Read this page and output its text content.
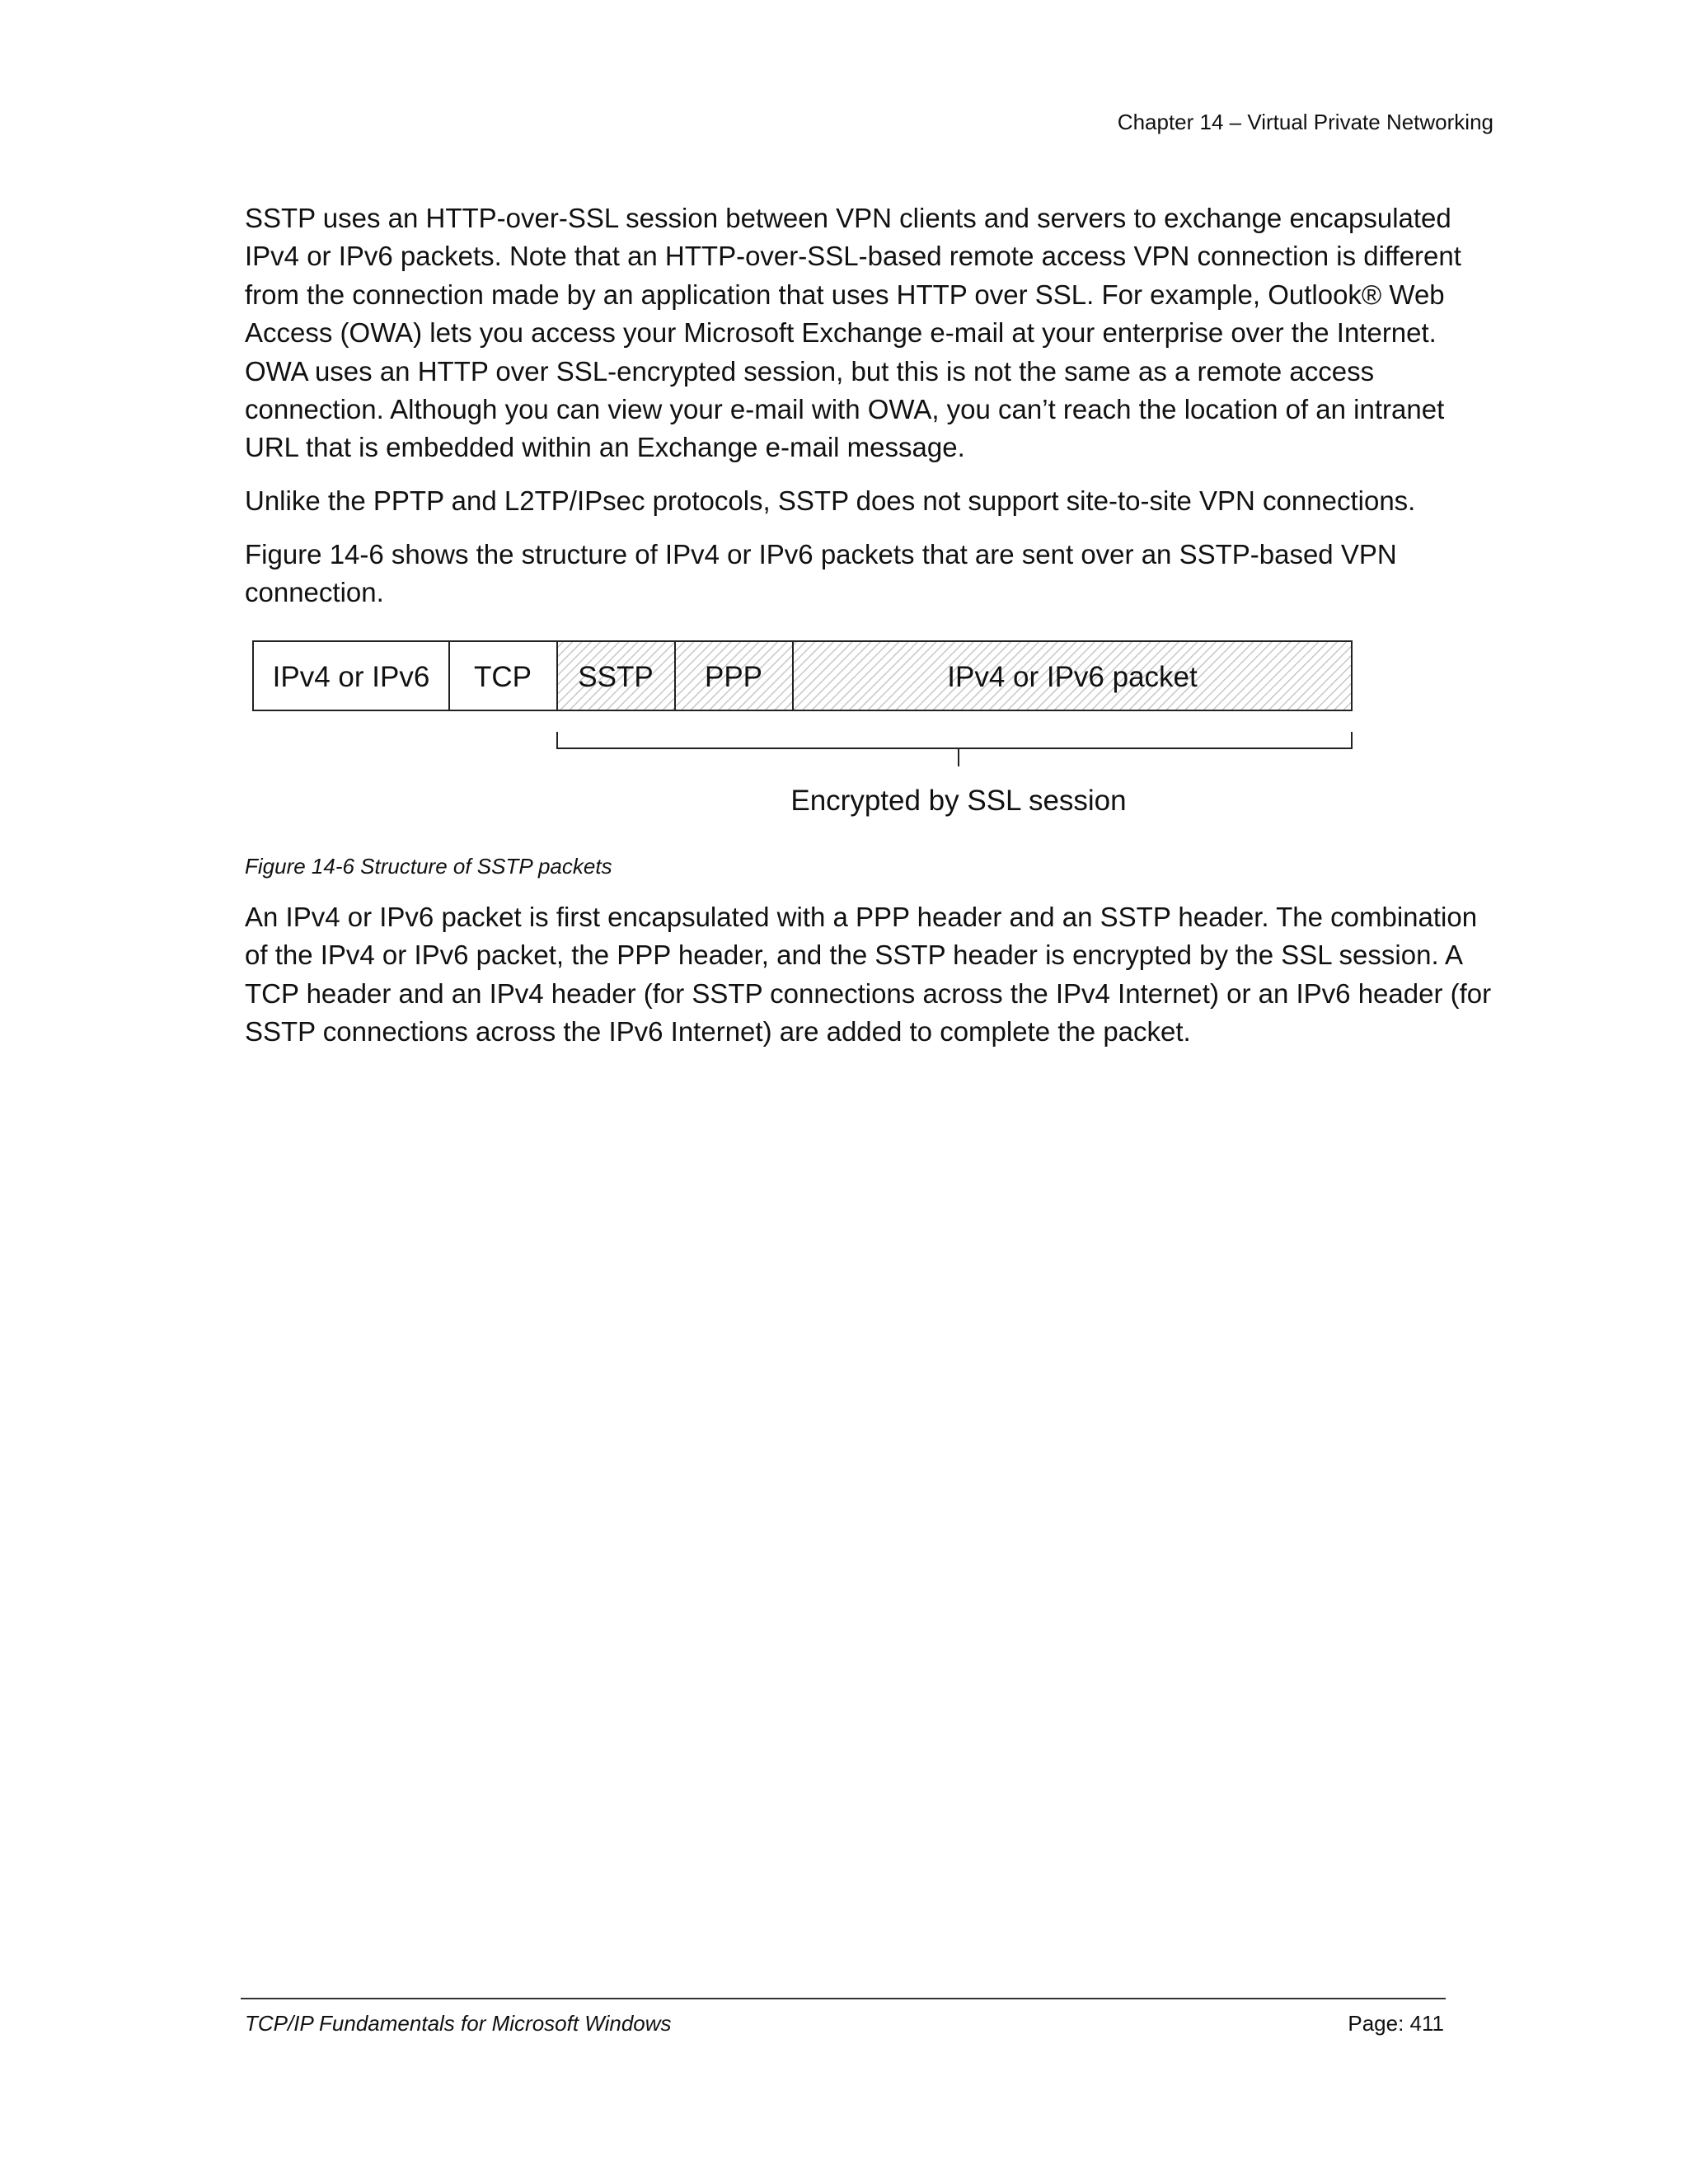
Chapter 14 – Virtual Private Networking

SSTP uses an HTTP-over-SSL session between VPN clients and servers to exchange encapsulated IPv4 or IPv6 packets. Note that an HTTP-over-SSL-based remote access VPN connection is different from the connection made by an application that uses HTTP over SSL. For example, Outlook® Web Access (OWA) lets you access your Microsoft Exchange e-mail at your enterprise over the Internet. OWA uses an HTTP over SSL-encrypted session, but this is not the same as a remote access connection. Although you can view your e-mail with OWA, you can’t reach the location of an intranet URL that is embedded within an Exchange e-mail message.

Unlike the PPTP and L2TP/IPsec protocols, SSTP does not support site-to-site VPN connections.

Figure 14-6 shows the structure of IPv4 or IPv6 packets that are sent over an SSTP-based VPN connection.

IPv4 or IPv6 TCP SSTP PPP	IPv4 or IPv6 packet
Encrypted by SSL session
Figure 14-6 Structure of SSTP packets

An IPv4 or IPv6 packet is first encapsulated with a PPP header and an SSTP header. The combination of the IPv4 or IPv6 packet, the PPP header, and the SSTP header is encrypted by the SSL session. A TCP header and an IPv4 header (for SSTP connections across the IPv4 Internet) or an IPv6 header (for SSTP connections across the IPv6 Internet) are added to complete the packet.

TCP/IP Fundamentals for Microsoft Windows	Page: 411
